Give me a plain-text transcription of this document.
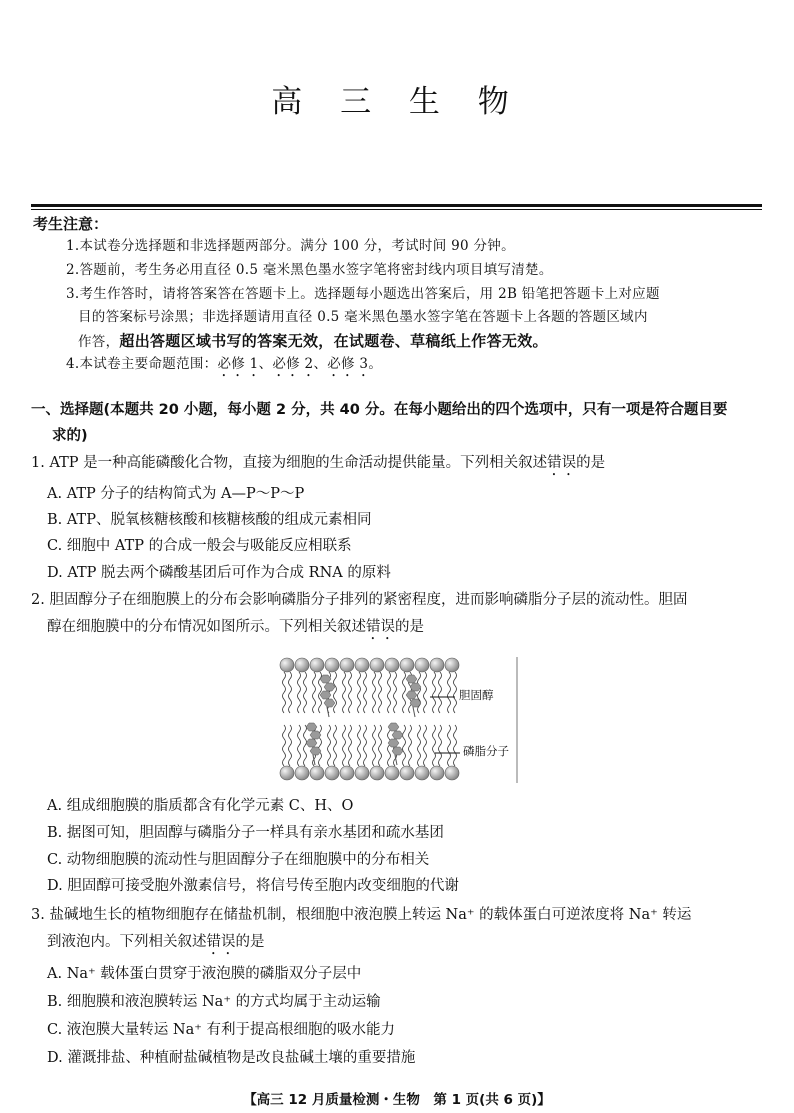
高 三 生 物
考生注意：
1.本试卷分选择题和非选择题两部分。满分 100 分，考试时间 90 分钟。
2.答题前，考生务必用直径 0.5 毫米黑色墨水签字笔将密封线内项目填写清楚。
3.考生作答时，请将答案答在答题卡上。选择题每小题选出答案后，用 2B 铅笔把答题卡上对应题
目的答案标号涂黑；非选择题请用直径 0.5 毫米黑色墨水签字笔在答题卡上各题的答题区域内
作答，超出答题区域书写的答案无效，在试题卷、草稿纸上作答无效。
4.本试卷主要命题范围：必修 1、必修 2、必修 3。
一、选择题(本题共 20 小题，每小题 2 分，共 40 分。在每小题给出的四个选项中，只有一项是符合题目要
求的)
1. ATP 是一种高能磷酸化合物，直接为细胞的生命活动提供能量。下列相关叙述错误的是
A. ATP 分子的结构简式为 A—P～P～P
B. ATP、脱氧核糖核酸和核糖核酸的组成元素相同
C. 细胞中 ATP 的合成一般会与吸能反应相联系
D. ATP 脱去两个磷酸基团后可作为合成 RNA 的原料
2. 胆固醇分子在细胞膜上的分布会影响磷脂分子排列的紧密程度，进而影响磷脂分子层的流动性。胆固
醇在细胞膜中的分布情况如图所示。下列相关叙述错误的是
胆固醇
磷脂分子
A. 组成细胞膜的脂质都含有化学元素 C、H、O
B. 据图可知，胆固醇与磷脂分子一样具有亲水基团和疏水基团
C. 动物细胞膜的流动性与胆固醇分子在细胞膜中的分布相关
D. 胆固醇可接受胞外激素信号，将信号传至胞内改变细胞的代谢
3. 盐碱地生长的植物细胞存在储盐机制，根细胞中液泡膜上转运 Na⁺ 的载体蛋白可逆浓度将 Na⁺ 转运
到液泡内。下列相关叙述错误的是
A. Na⁺ 载体蛋白贯穿于液泡膜的磷脂双分子层中
B. 细胞膜和液泡膜转运 Na⁺ 的方式均属于主动运输
C. 液泡膜大量转运 Na⁺ 有利于提高根细胞的吸水能力
D. 灌溉排盐、种植耐盐碱植物是改良盐碱土壤的重要措施
【高三 12 月质量检测・生物　第 1 页(共 6 页)】
